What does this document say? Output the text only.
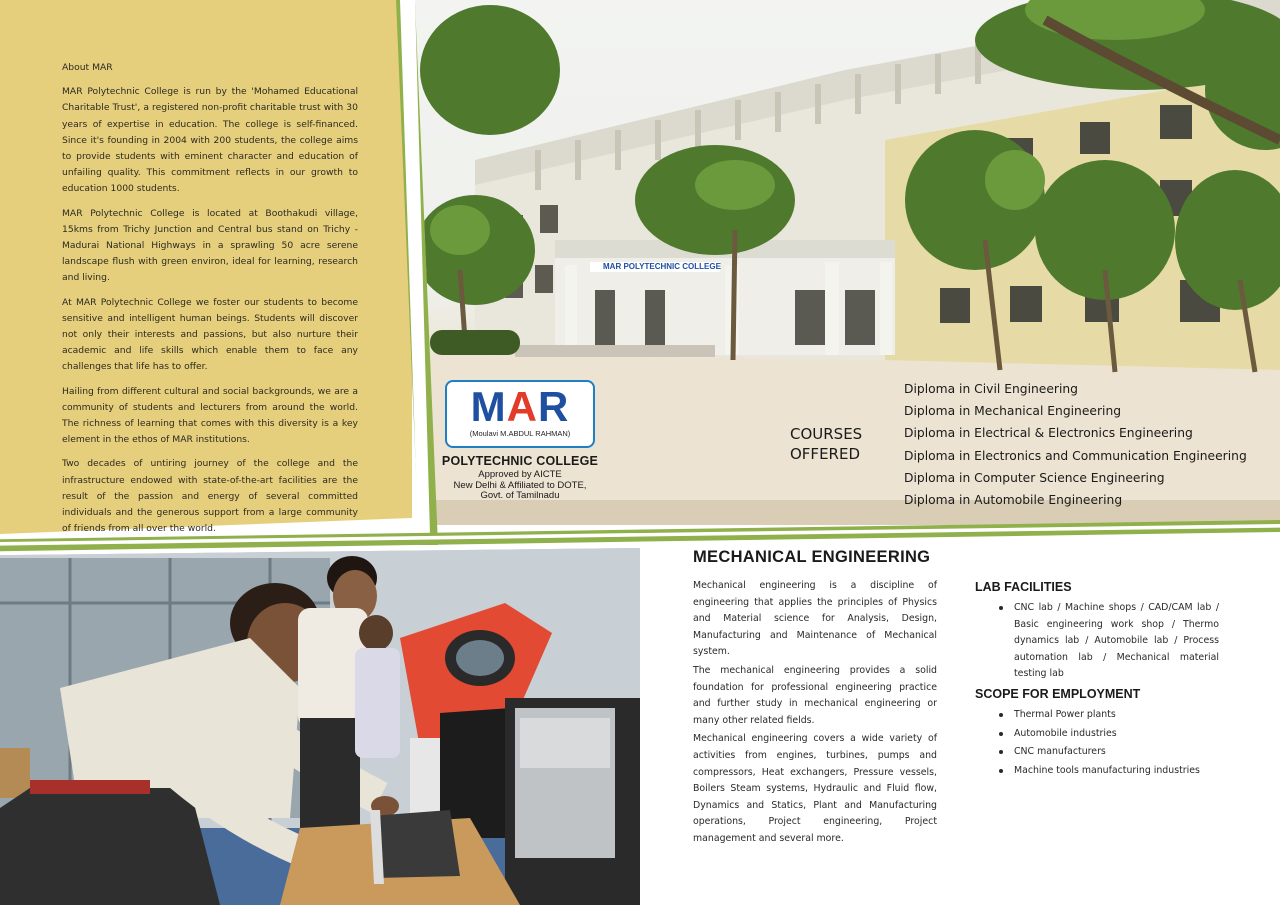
About MAR

MAR Polytechnic College is run by the 'Mohamed Educational Charitable Trust', a registered non-profit charitable trust with 30 years of expertise in education. The college is self-financed. Since it's founding in 2004 with 200 students, the college aims to provide students with eminent character and education of unfailing quality. This commitment reflects in our growth to education 1000 students.

MAR Polytechnic College is located at Boothakudi village, 15kms from Trichy Junction and Central bus stand on Trichy - Madurai National Highways in a sprawling 50 acre serene landscape flush with green environ, ideal for learning, research and living.

At MAR Polytechnic College we foster our students to become sensitive and intelligent human beings. Students will discover not only their interests and passions, but also nurture their academic and life skills which enable them to face any challenges that life has to offer.

Hailing from different cultural and social backgrounds, we are a community of students and lecturers from around the world. The richness of learning that comes with this diversity is a key element in the ethos of MAR institutions.

Two decades of untiring journey of the college and the infrastructure endowed with state-of-the-art facilities are the result of the passion and energy of several committed individuals and the generous support from a large community of friends from all over the world.

MAR POLYTECHNIC COLLEGE
MAR
(Moulavi M.ABDUL RAHMAN)
POLYTECHNIC COLLEGE
Approved by AICTE
New Delhi & Affiliated to DOTE,
Govt. of Tamilnadu
COURSES
OFFERED
Diploma in Civil Engineering
Diploma in Mechanical Engineering
Diploma in Electrical & Electronics Engineering
Diploma in Electronics and Communication Engineering
Diploma in Computer Science Engineering
Diploma in Automobile Engineering
MECHANICAL ENGINEERING

Mechanical engineering is a discipline of engineering that applies the principles of Physics and Material science for Analysis, Design, Manufacturing and Maintenance of Mechanical system.

The mechanical engineering provides a solid foundation for professional engineering practice and further study in mechanical engineering or many other related fields.

Mechanical engineering covers a wide variety of activities from engines, turbines, pumps and compressors, Heat exchangers, Pressure vessels, Boilers Steam systems, Hydraulic and Fluid flow, Dynamics and Statics, Plant and Manufacturing operations, Project engineering, Project management and several more.

LAB FACILITIES
CNC lab / Machine shops / CAD/CAM lab / Basic engineering work shop / Thermo dynamics lab / Automobile lab / Process automation lab / Mechanical material testing lab
SCOPE FOR EMPLOYMENT
Thermal Power plants
Automobile industries
CNC manufacturers
Machine tools manufacturing industries
